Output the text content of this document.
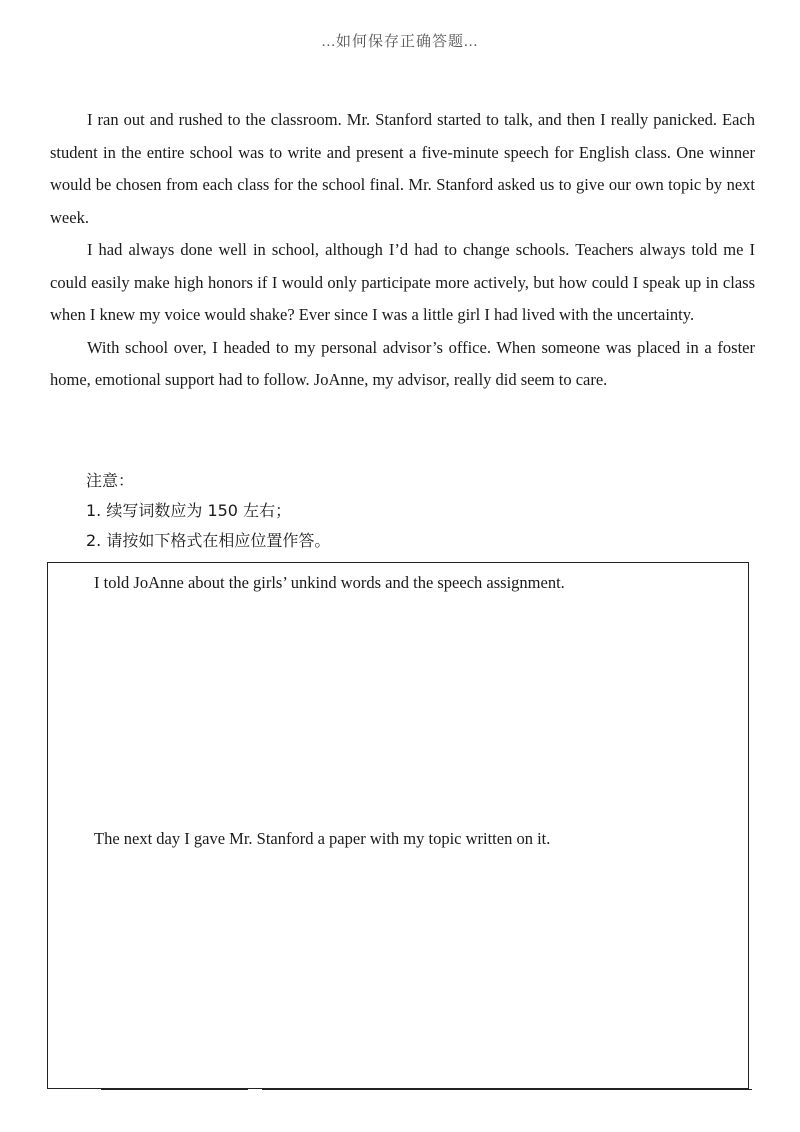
...如何保存正确答题...

I ran out and rushed to the classroom. Mr. Stanford started to talk, and then I really panicked. Each student in the entire school was to write and present a five-minute speech for English class. One winner would be chosen from each class for the school final. Mr. Stanford asked us to give our own topic by next week.

I had always done well in school, although I’d had to change schools. Teachers always told me I could easily make high honors if I would only participate more actively, but how could I speak up in class when I knew my voice would shake? Ever since I was a little girl I had lived with the uncertainty.

With school over, I headed to my personal advisor’s office. When someone was placed in a foster home, emotional support had to follow. JoAnne, my advisor, really did seem to care.

注意：
1. 续写词数应为 150 左右；
2. 请按如下格式在相应位置作答。
I told JoAnne about the girls’ unkind words and the speech assignment.
The next day I gave Mr. Stanford a paper with my topic written on it.
